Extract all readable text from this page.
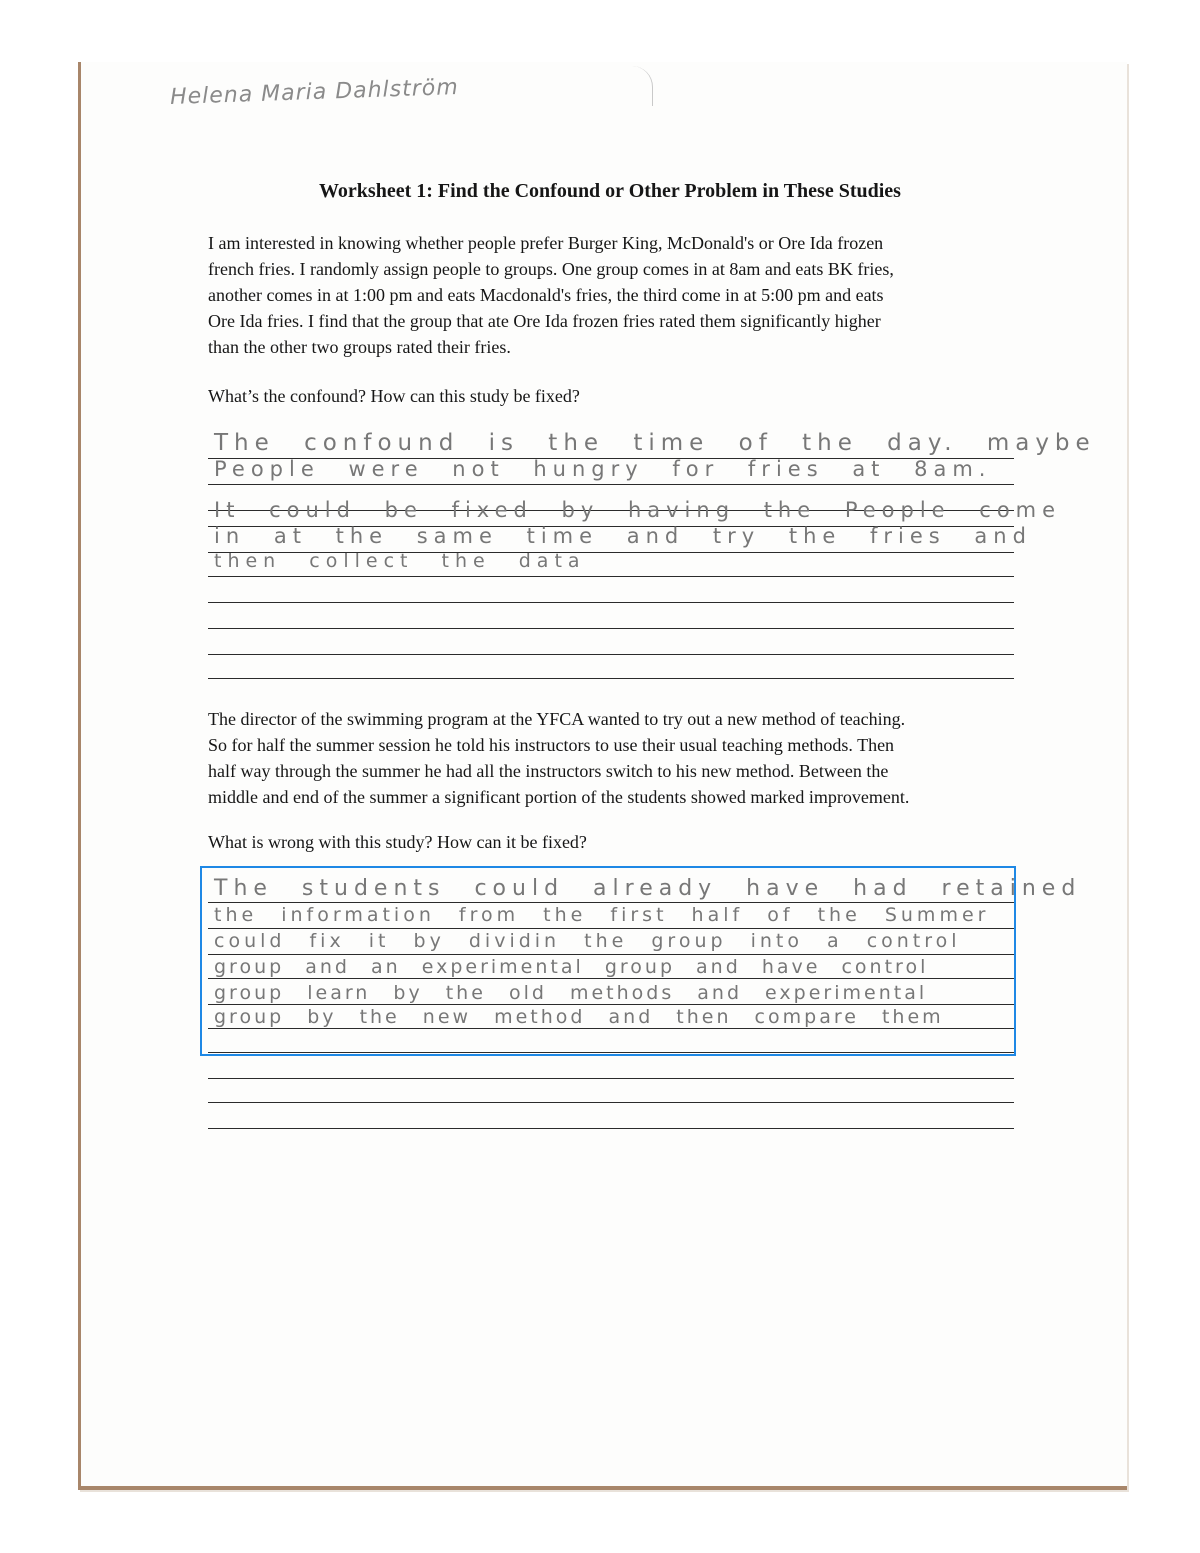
Helena Maria Dahlström
Worksheet 1: Find the Confound or Other Problem in These Studies
I am interested in knowing whether people prefer Burger King, McDonald's or Ore Ida frozen
french fries. I randomly assign people to groups. One group comes in at 8am and eats BK fries,
another comes in at 1:00 pm and eats Macdonald's fries, the third come in at 5:00 pm and eats
Ore Ida fries. I find that the group that ate Ore Ida frozen fries rated them significantly higher
than the other two groups rated their fries.
What’s the confound? How can this study be fixed?
The confound is the time of the day. maybe
People were not hungry for fries at 8am.
It could be fixed by having the People come
in at the same time and try the fries and
then collect the data
The director of the swimming program at the YFCA wanted to try out a new method of teaching.
So for half the summer session he told his instructors to use their usual teaching methods. Then
half way through the summer he had all the instructors switch to his new method. Between the
middle and end of the summer a significant portion of the students showed marked improvement.
What is wrong with this study? How can it be fixed?
The students could already have had retained
the information from the first half of the Summer
could fix it by dividin the group into a control
group and an experimental group and have control
group learn by the old methods and experimental
group by the new method and then compare them
